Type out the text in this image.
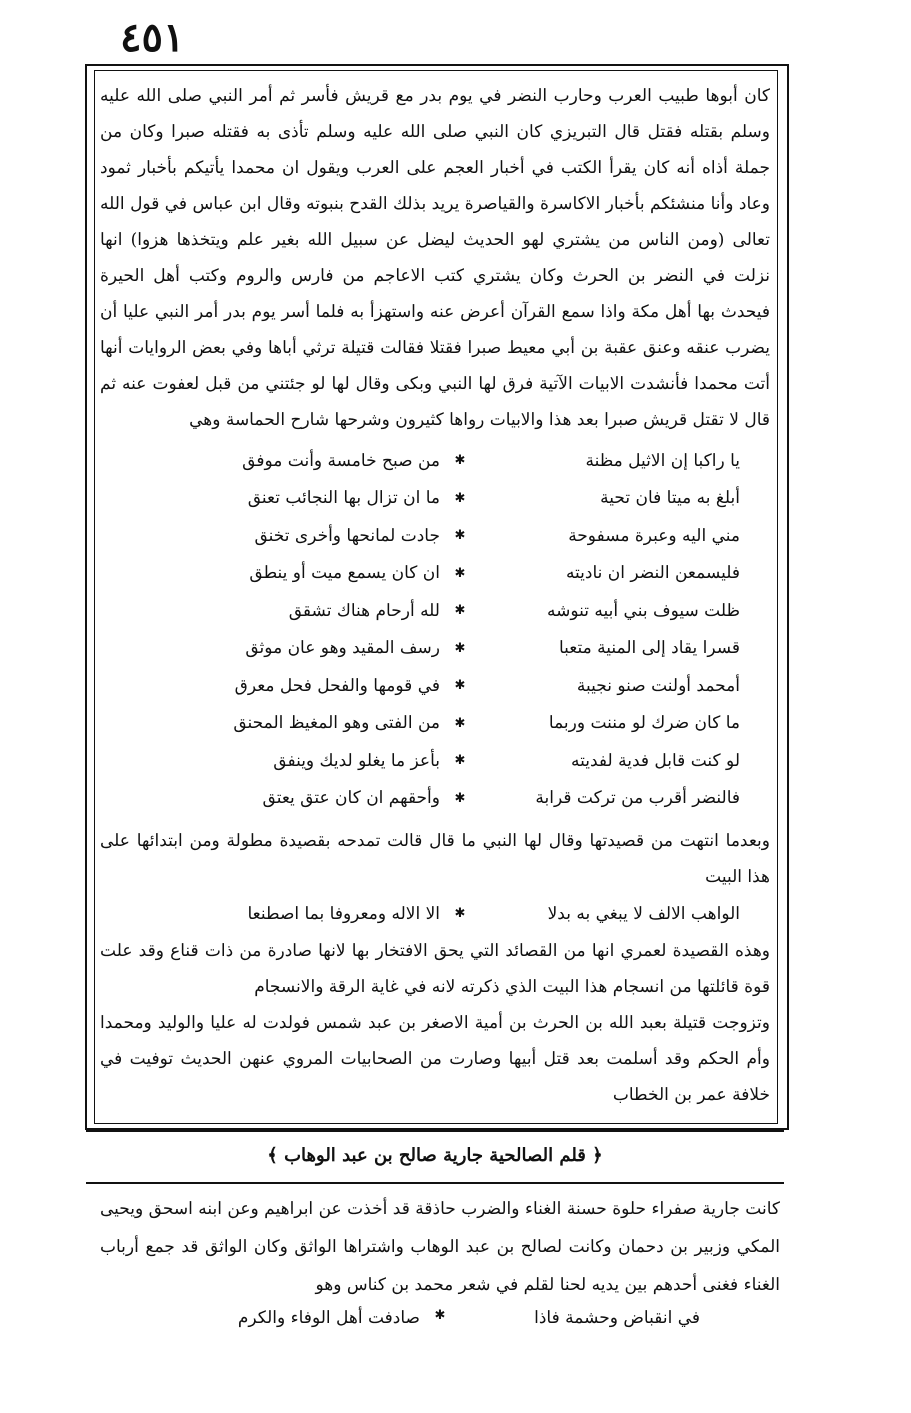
٤٥١

كان أبوها طبيب العرب وحارب النضر في يوم بدر مع قريش فأسر ثم أمر النبي صلى الله عليه وسلم بقتله فقتل قال التبريزي كان النبي صلى الله عليه وسلم تأذى به فقتله صبرا وكان من جملة أذاه أنه كان يقرأ الكتب في أخبار العجم على العرب ويقول ان محمدا يأتيكم بأخبار ثمود وعاد وأنا منشئكم بأخبار الاكاسرة والقياصرة يريد بذلك القدح بنبوته وقال ابن عباس في قول الله تعالى (ومن الناس من يشتري لهو الحديث ليضل عن سبيل الله بغير علم ويتخذها هزوا) انها نزلت في النضر بن الحرث وكان يشتري كتب الاعاجم من فارس والروم وكتب أهل الحيرة فيحدث بها أهل مكة واذا سمع القرآن أعرض عنه واستهزأ به فلما أسر يوم بدر أمر النبي عليا أن يضرب عنقه وعنق عقبة بن أبي معيط صبرا فقتلا فقالت قتيلة ترثي أباها وفي بعض الروايات أنها أتت محمدا فأنشدت الابيات الآتية فرق لها النبي وبكى وقال لها لو جئتني من قبل لعفوت عنه ثم قال لا تقتل قريش صبرا بعد هذا والابيات رواها كثيرون وشرحها شارح الحماسة وهي

يا راكبا إن الاثيل مظنة
✱
من صبح خامسة وأنت موفق
أبلغ به ميتا فان تحية
✱
ما ان تزال بها النجائب تعنق
مني اليه وعبرة مسفوحة
✱
جادت لمانحها وأخرى تخنق
فليسمعن النضر ان ناديته
✱
ان كان يسمع ميت أو ينطق
ظلت سيوف بني أبيه تنوشه
✱
لله أرحام هناك تشقق
قسرا يقاد إلى المنية متعبا
✱
رسف المقيد وهو عان موثق
أمحمد أولنت صنو نجيبة
✱
في قومها والفحل فحل معرق
ما كان ضرك لو مننت وربما
✱
من الفتى وهو المغيظ المحنق
لو كنت قابل فدية لفديته
✱
بأعز ما يغلو لديك وينفق
فالنضر أقرب من تركت قرابة
✱
وأحقهم ان كان عتق يعتق

وبعدما انتهت من قصيدتها وقال لها النبي ما قال قالت تمدحه بقصيدة مطولة ومن ابتدائها على هذا البيت

الواهب الالف لا يبغي به بدلا
✱
الا الاله ومعروفا بما اصطنعا

وهذه القصيدة لعمري انها من القصائد التي يحق الافتخار بها لانها صادرة من ذات قناع وقد علت قوة قائلتها من انسجام هذا البيت الذي ذكرته لانه في غاية الرقة والانسجام

وتزوجت قتيلة بعبد الله بن الحرث بن أمية الاصغر بن عبد شمس فولدت له عليا والوليد ومحمدا وأم الحكم وقد أسلمت بعد قتل أبيها وصارت من الصحابيات المروي عنهن الحديث توفيت في خلافة عمر بن الخطاب

﴿ قلم الصالحية جارية صالح بن عبد الوهاب ﴾

كانت جارية صفراء حلوة حسنة الغناء والضرب حاذقة قد أخذت عن ابراهيم وعن ابنه اسحق ويحيى المكي وزبير بن دحمان وكانت لصالح بن عبد الوهاب واشتراها الواثق وكان الواثق قد جمع أرباب الغناء فغنى أحدهم بين يديه لحنا لقلم في شعر محمد بن كناس وهو

في انقباض وحشمة فاذا
✱
صادفت أهل الوفاء والكرم
